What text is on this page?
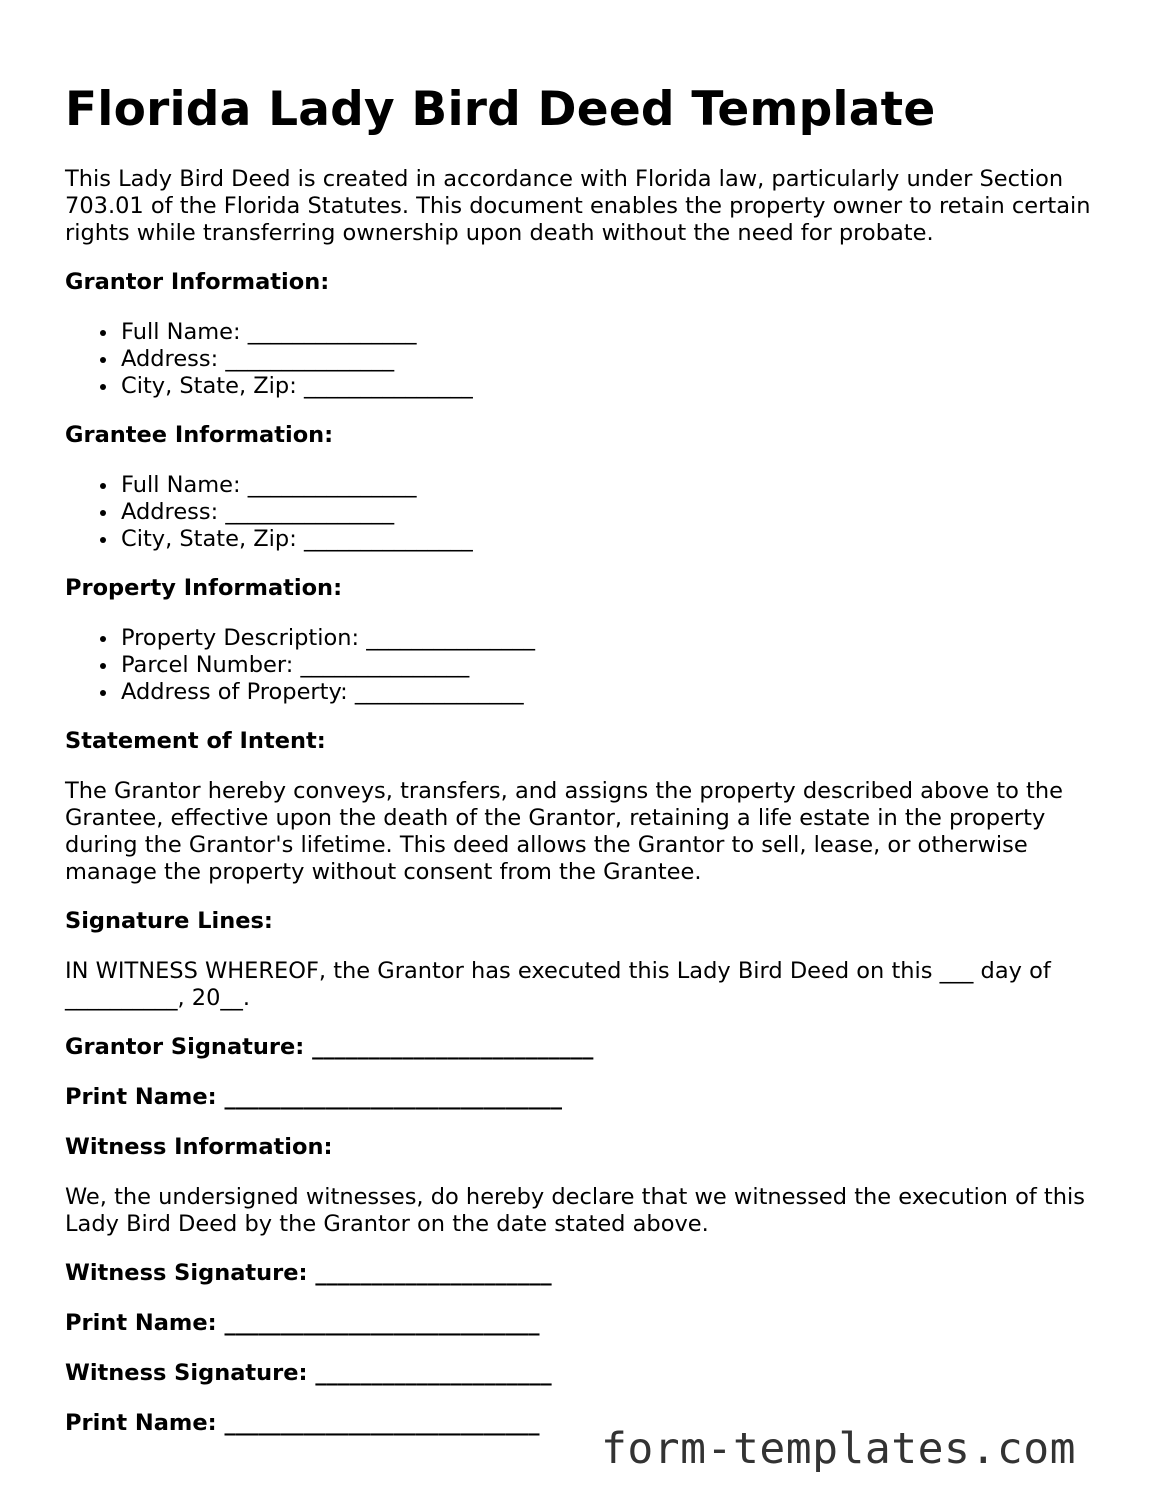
Florida Lady Bird Deed Template

This Lady Bird Deed is created in accordance with Florida law, particularly under Section 703.01 of the Florida Statutes. This document enables the property owner to retain certain rights while transferring ownership upon death without the need for probate.

Grantor Information:
Full Name: _______________
Address: _______________
City, State, Zip: _______________
Grantee Information:
Full Name: _______________
Address: _______________
City, State, Zip: _______________
Property Information:
Property Description: _______________
Parcel Number: _______________
Address of Property: _______________
Statement of Intent:

The Grantor hereby conveys, transfers, and assigns the property described above to the Grantee, effective upon the death of the Grantor, retaining a life estate in the property during the Grantor's lifetime. This deed allows the Grantor to sell, lease, or otherwise manage the property without consent from the Grantee.

Signature Lines:

IN WITNESS WHEREOF, the Grantor has executed this Lady Bird Deed on this ___ day of __________, 20__.

Grantor Signature: _________________________
Print Name: ______________________________
Witness Information:

We, the undersigned witnesses, do hereby declare that we witnessed the execution of this Lady Bird Deed by the Grantor on the date stated above.

Witness Signature: _____________________
Print Name: ____________________________
Witness Signature: _____________________
Print Name: ____________________________
form-templates.com
